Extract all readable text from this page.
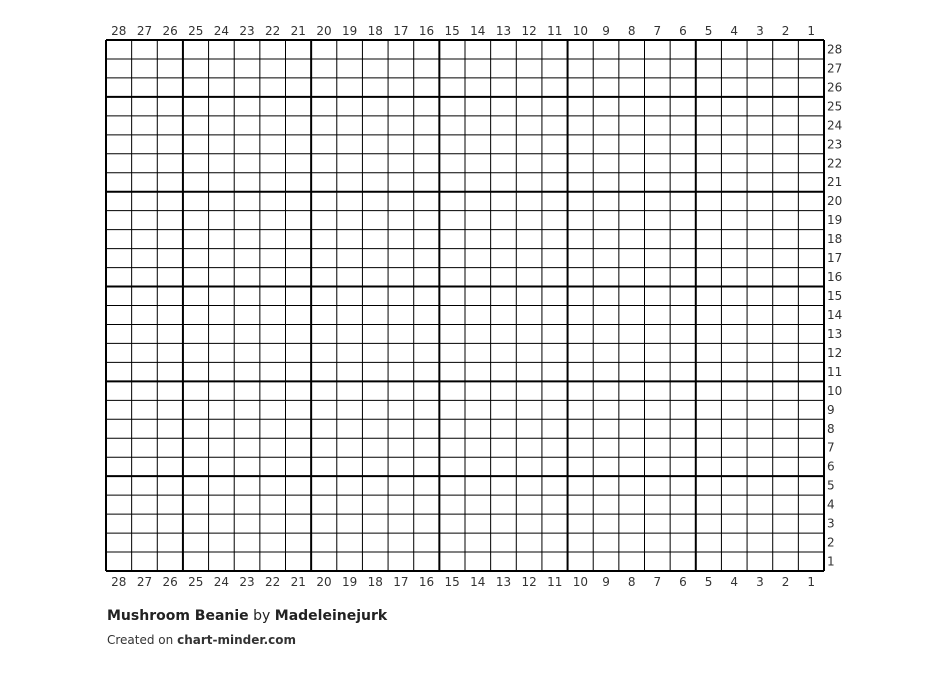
28 27 26 25 24 23 22 21 20 19 18 17 16 15 14 13 12 11 10 9 8 7 6 5 4 3 2 1
28 27 26 25 24 23 22 21 20 19 18 17 16 15 14 13 12 11 10 9 8 7 6 5 4 3 2 1
28
27
26
25
24
23
22
21
20
19
18
17
16
15
14
13
12
11
10
9
8
7
6
5
4
3
2
1
Mushroom Beanie by Madeleinejurk
Created on chart-minder.com
